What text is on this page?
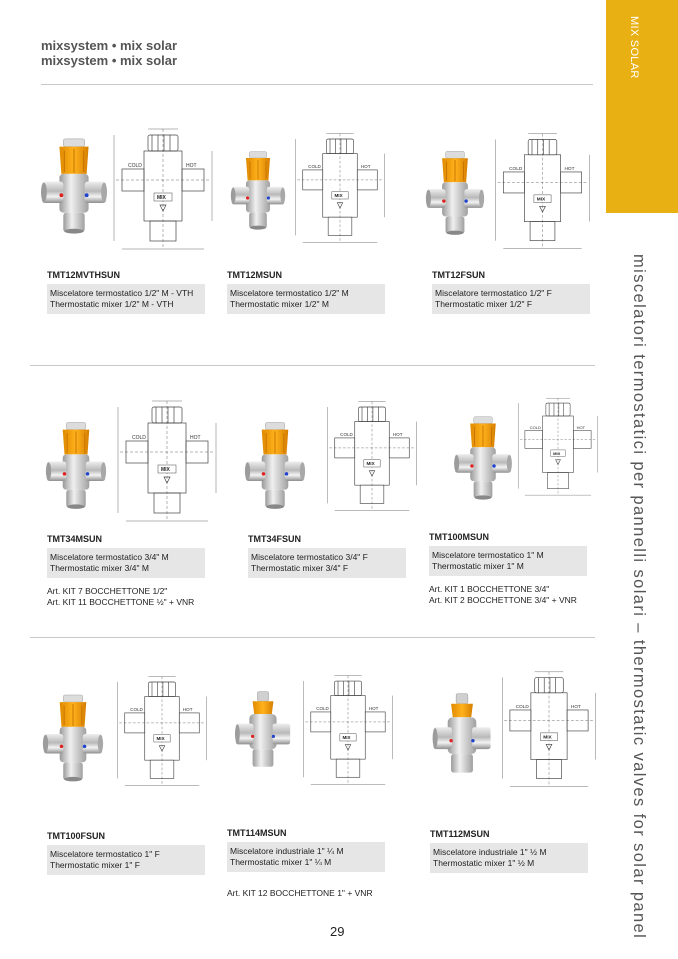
mixsystem • mix solar
mixsystem • mix solar	MIX SOLAR
miscelatori termostatici per pannelli solari – thermostatic valves for solar panel
TMT12MVTHSUN
Miscelatore termostatico 1/2" M - VTH
Thermostatic mixer 1/2" M - VTH
TMT12MSUN
Miscelatore termostatico 1/2" M
Thermostatic mixer 1/2" M
TMT12FSUN
Miscelatore termostatico 1/2" F
Thermostatic mixer 1/2" F
TMT34MSUN
Miscelatore termostatico 3/4" M
Thermostatic mixer 3/4" M
Art. KIT 7 BOCCHETTONE 1/2"
Art. KIT 11 BOCCHETTONE ½" + VNR
TMT34FSUN
Miscelatore termostatico 3/4" F
Thermostatic mixer 3/4" F
TMT100MSUN
Miscelatore termostatico 1" M
Thermostatic mixer 1" M
Art. KIT 1 BOCCHETTONE 3/4"
Art. KIT 2 BOCCHETTONE 3/4" + VNR
TMT100FSUN
Miscelatore termostatico 1" F
Thermostatic mixer 1" F
TMT114MSUN
Miscelatore industriale 1" ¼ M
Thermostatic mixer 1" ¼ M
Art. KIT 12 BOCCHETTONE 1" + VNR
TMT112MSUN
Miscelatore industriale 1" ½ M
Thermostatic mixer 1" ½ M
29
